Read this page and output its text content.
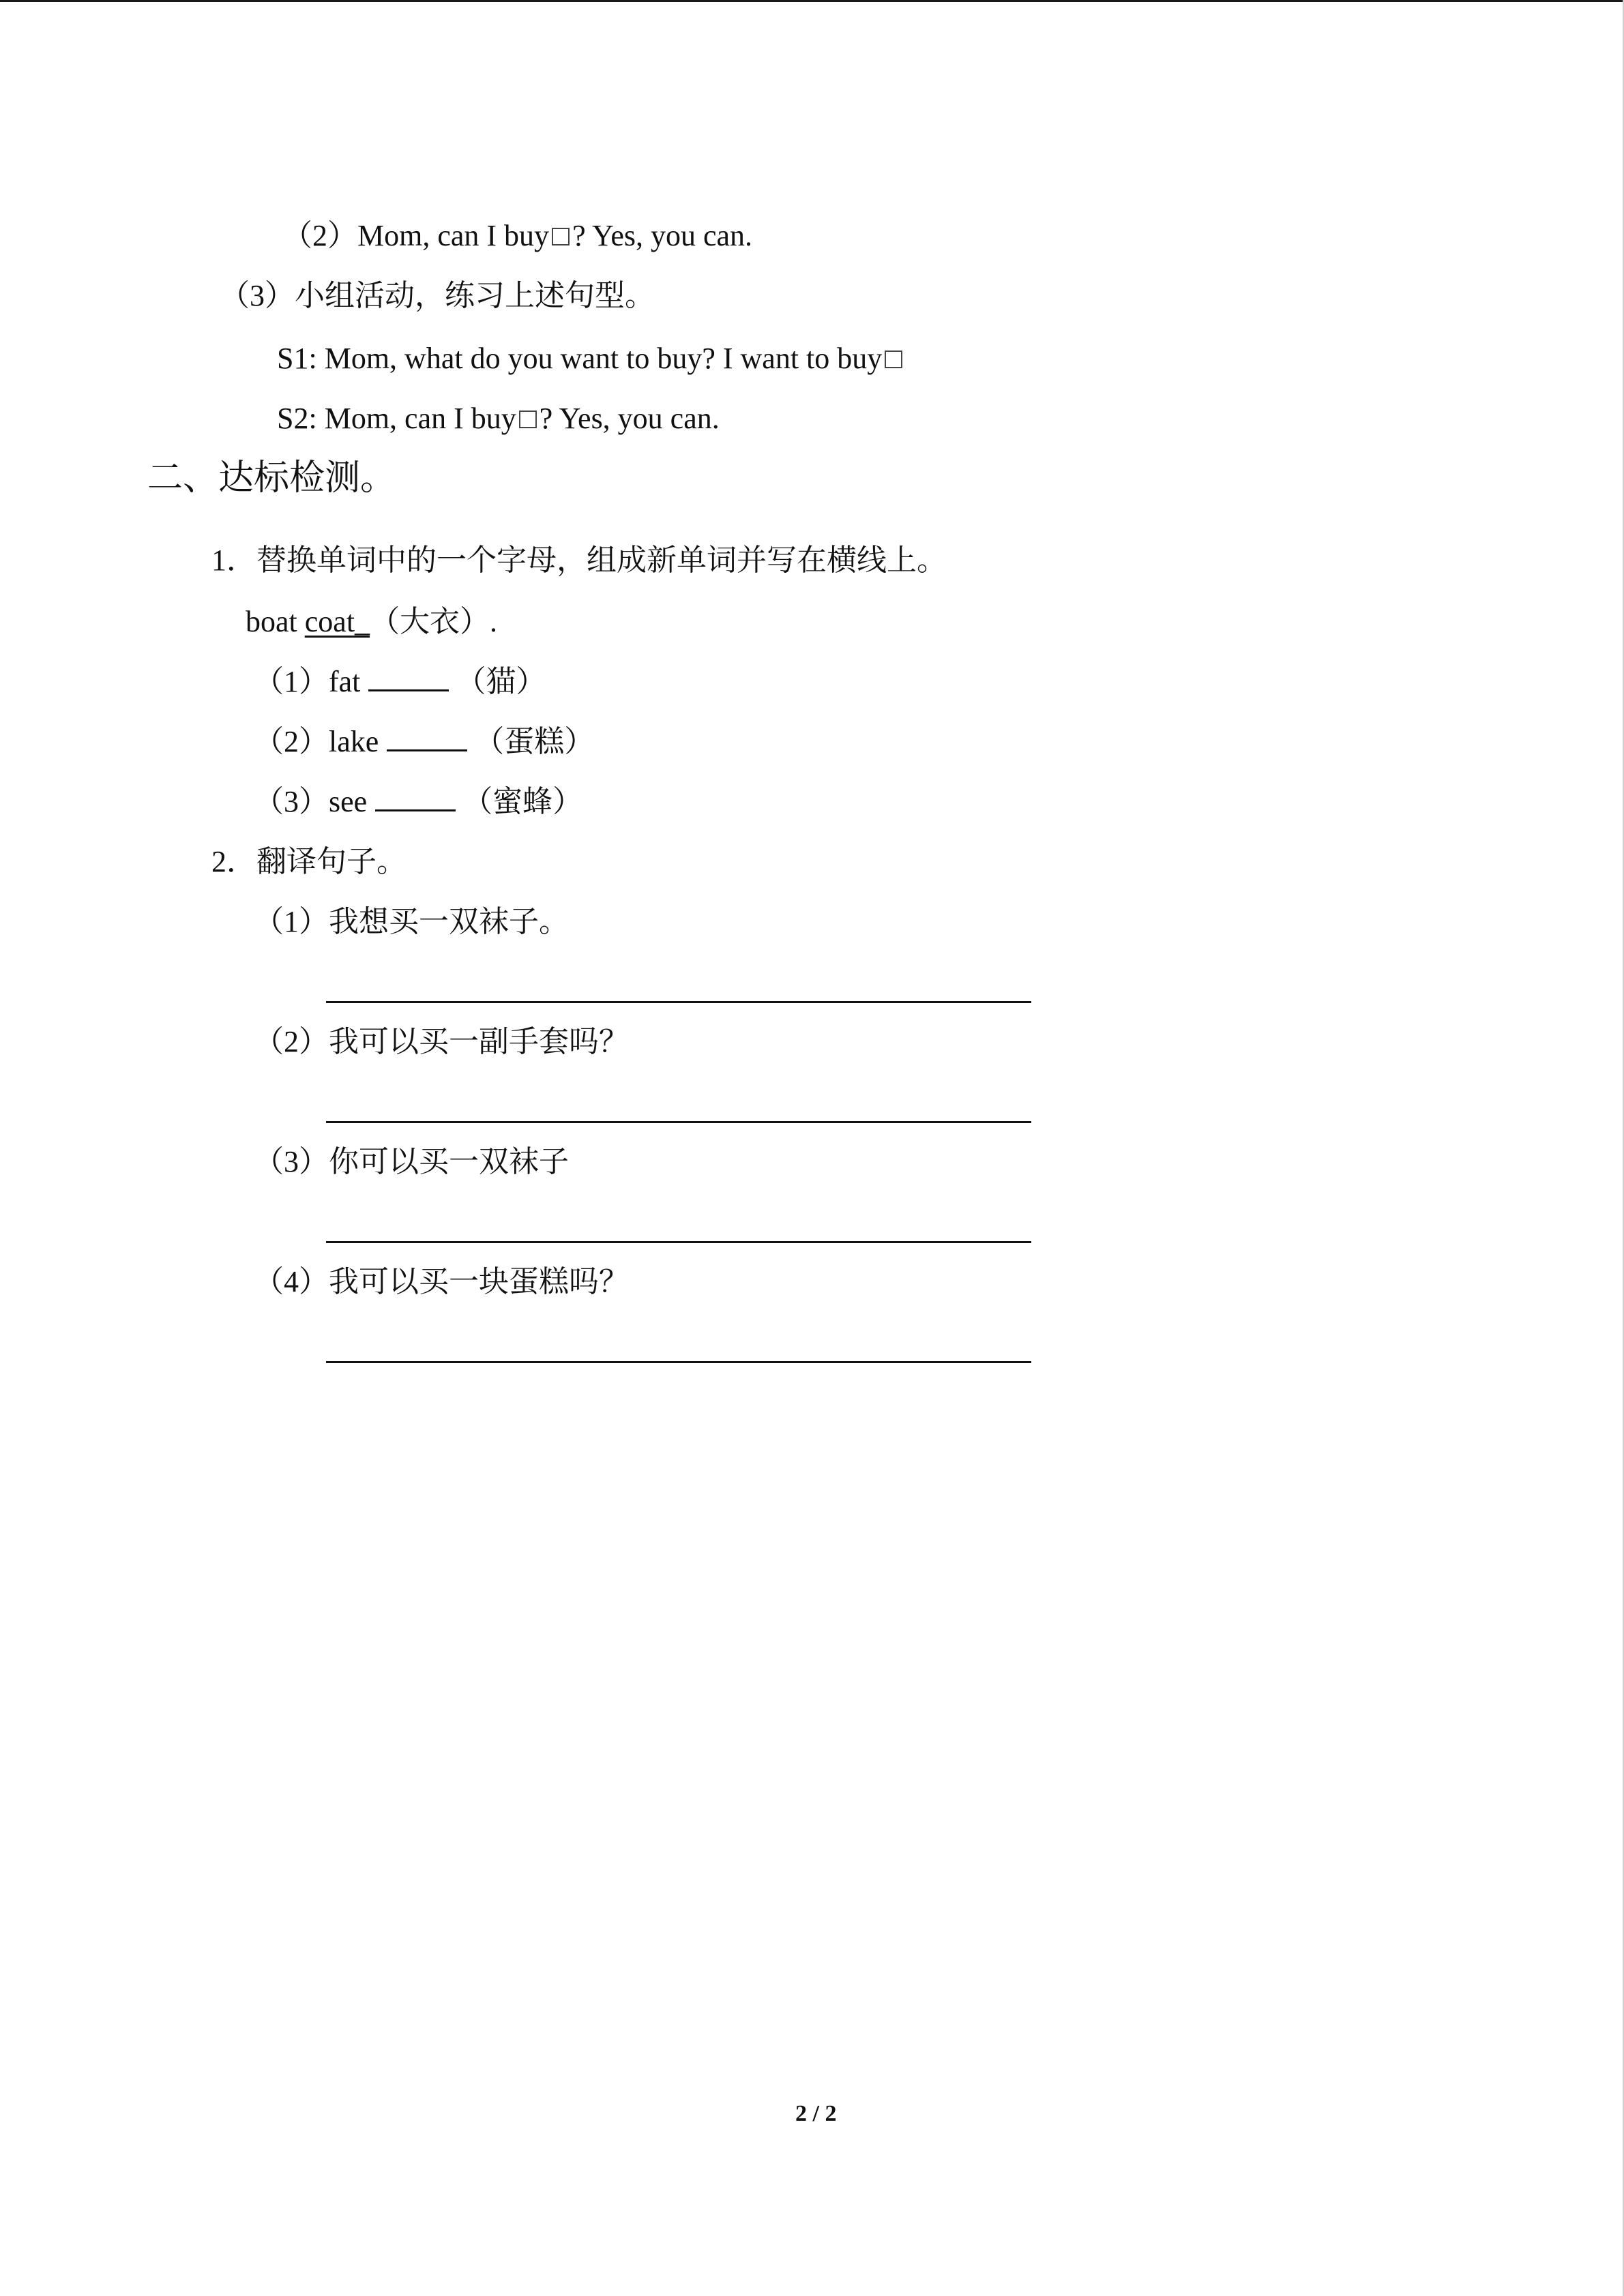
（2）Mom, can I buy ? Yes, you can.
（3）小组活动，练习上述句型。
S1: Mom, what do you want to buy? I want to buy
S2: Mom, can I buy ? Yes, you can.
二、达标检测。
1．替换单词中的一个字母，组成新单词并写在横线上。
boat coat_（大衣）.
（1）fat	（猫）
（2）lake	（蛋糕）
（3）see	（蜜蜂）
2．翻译句子。
（1）我想买一双袜子。
（2）我可以买一副手套吗？
（3）你可以买一双袜子
（4）我可以买一块蛋糕吗？
2 / 2
